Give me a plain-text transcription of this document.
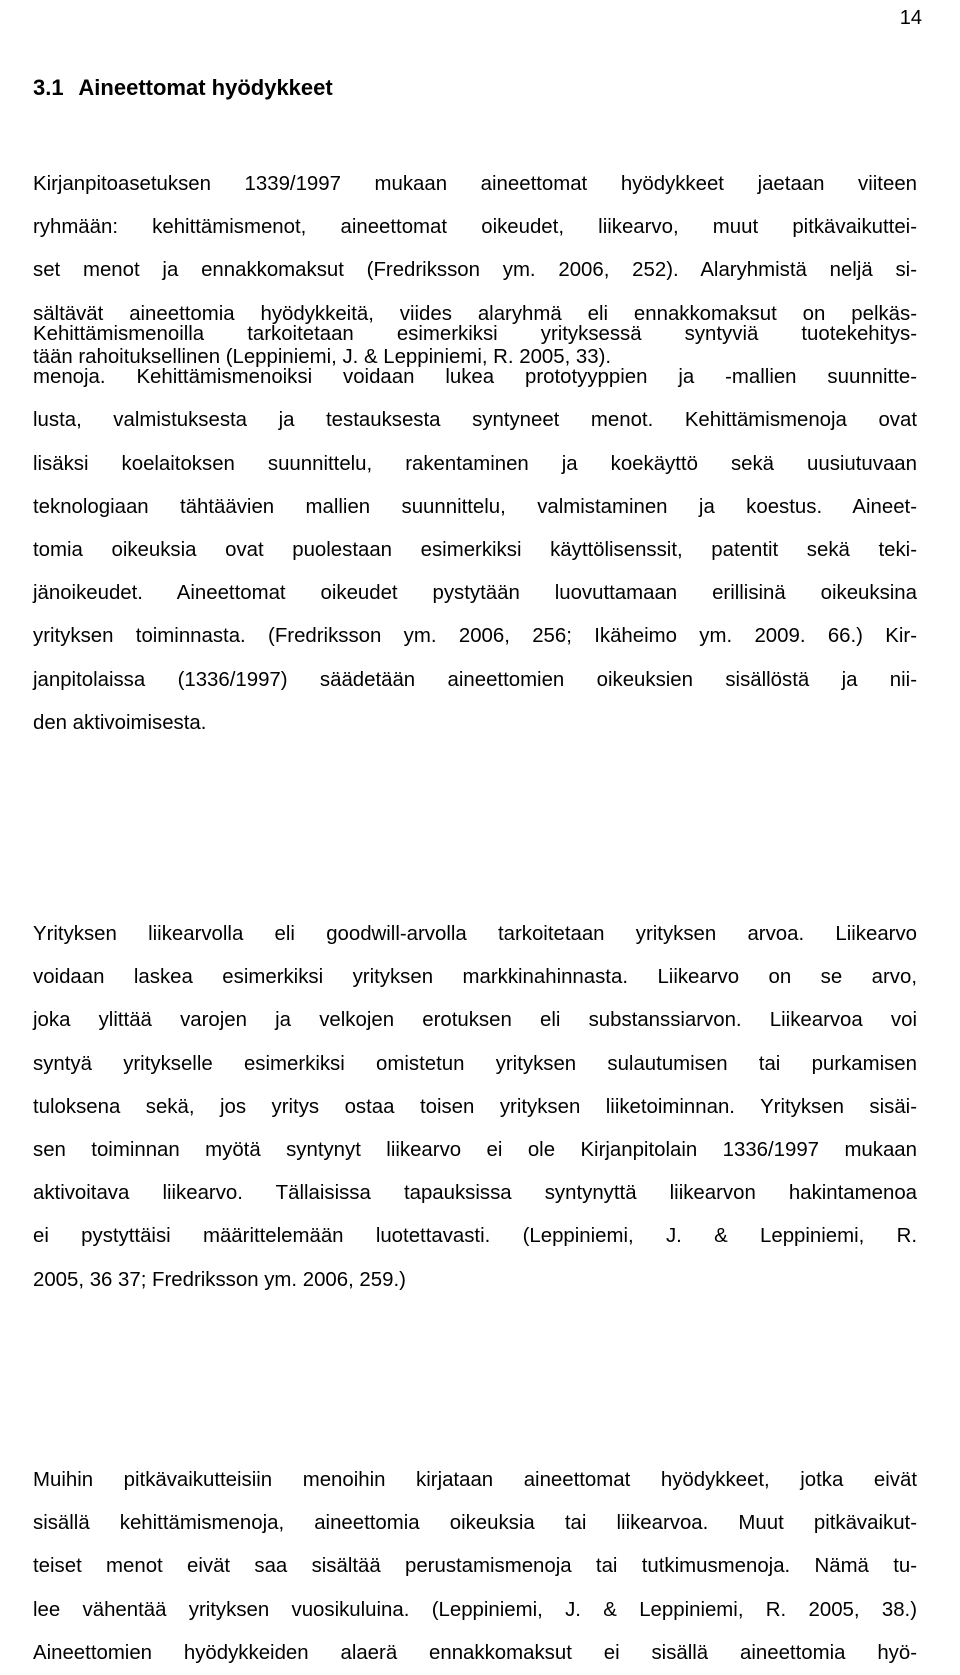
14
3.1 Aineettomat hyödykkeet
Kirjanpitoasetuksen 1339/1997 mukaan aineettomat hyödykkeet jaetaan viiteen
ryhmään: kehittämismenot, aineettomat oikeudet, liikearvo, muut pitkävaikuttei-
set menot ja ennakkomaksut (Fredriksson ym. 2006, 252). Alaryhmistä neljä si-
sältävät aineettomia hyödykkeitä, viides alaryhmä eli ennakkomaksut on pelkäs-
tään rahoituksellinen (Leppiniemi, J. & Leppiniemi, R. 2005, 33).
Kehittämismenoilla tarkoitetaan esimerkiksi yrityksessä syntyviä tuotekehitys-
menoja. Kehittämismenoiksi voidaan lukea prototyyppien ja -mallien suunnitte-
lusta, valmistuksesta ja testauksesta syntyneet menot. Kehittämismenoja ovat
lisäksi koelaitoksen suunnittelu, rakentaminen ja koekäyttö sekä uusiutuvaan
teknologiaan tähtäävien mallien suunnittelu, valmistaminen ja koestus. Aineet-
tomia oikeuksia ovat puolestaan esimerkiksi käyttölisenssit, patentit sekä teki-
jänoikeudet. Aineettomat oikeudet pystytään luovuttamaan erillisinä oikeuksina
yrityksen toiminnasta. (Fredriksson ym. 2006, 256; Ikäheimo ym. 2009. 66.) Kir-
janpitolaissa (1336/1997) säädetään aineettomien oikeuksien sisällöstä ja nii-
den aktivoimisesta.
Yrityksen liikearvolla eli goodwill-arvolla tarkoitetaan yrityksen arvoa. Liikearvo
voidaan laskea esimerkiksi yrityksen markkinahinnasta. Liikearvo on se arvo,
joka ylittää varojen ja velkojen erotuksen eli substanssiarvon. Liikearvoa voi
syntyä yritykselle esimerkiksi omistetun yrityksen sulautumisen tai purkamisen
tuloksena sekä, jos yritys ostaa toisen yrityksen liiketoiminnan. Yrityksen sisäi-
sen toiminnan myötä syntynyt liikearvo ei ole Kirjanpitolain 1336/1997 mukaan
aktivoitava liikearvo. Tällaisissa tapauksissa syntynyttä liikearvon hakintamenoa
ei pystyttäisi määrittelemään luotettavasti. (Leppiniemi, J. & Leppiniemi, R.
2005, 36 37; Fredriksson ym. 2006, 259.)
Muihin pitkävaikutteisiin menoihin kirjataan aineettomat hyödykkeet, jotka eivät
sisällä kehittämismenoja, aineettomia oikeuksia tai liikearvoa. Muut pitkävaikut-
teiset menot eivät saa sisältää perustamismenoja tai tutkimusmenoja. Nämä tu-
lee vähentää yrityksen vuosikuluina. (Leppiniemi, J. & Leppiniemi, R. 2005, 38.)
Aineettomien hyödykkeiden alaerä ennakkomaksut ei sisällä aineettomia hyö-
